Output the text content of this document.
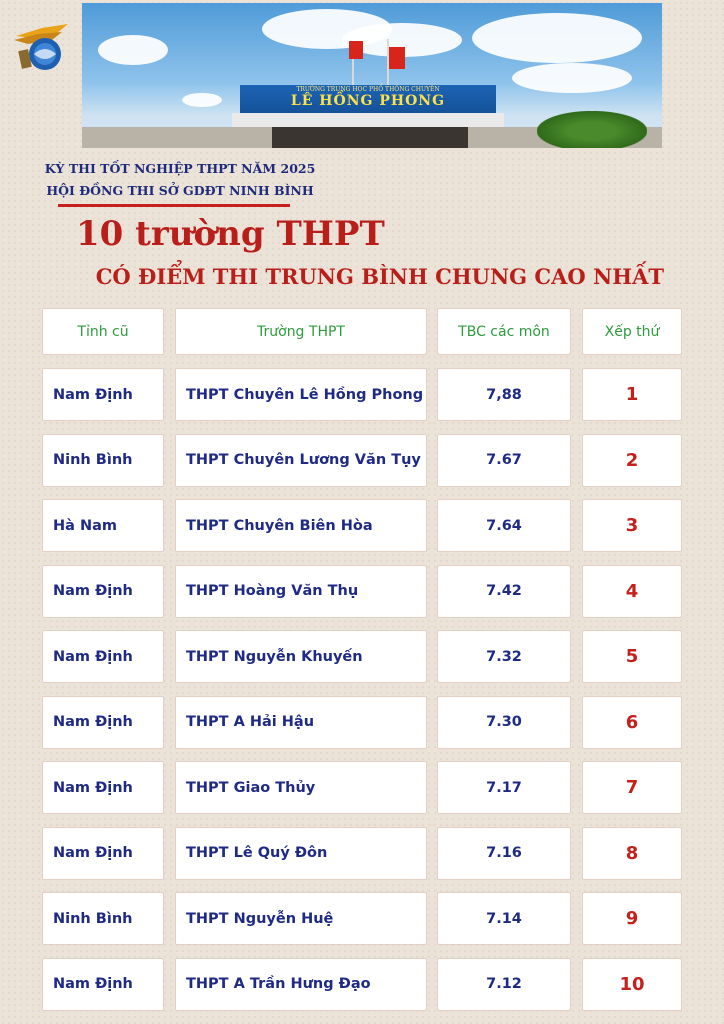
TRƯỜNG TRUNG HỌC PHỔ THÔNG CHUYÊN
LÊ HỒNG PHONG
KỲ THI TỐT NGHIỆP THPT NĂM 2025
HỘI ĐỒNG THI SỞ GDĐT NINH BÌNH
10 trường THPT
CÓ ĐIỂM THI TRUNG BÌNH CHUNG CAO NHẤT
Tỉnh cũ	Trường THPT	TBC các môn	Xếp thứ
Nam Định	THPT Chuyên Lê Hồng Phong	7,88	1
Ninh Bình	THPT Chuyên Lương Văn Tụy	7.67	2
Hà Nam	THPT Chuyên Biên Hòa	7.64	3
Nam Định	THPT Hoàng Văn Thụ	7.42	4
Nam Định	THPT Nguyễn Khuyến	7.32	5
Nam Định	THPT A Hải Hậu	7.30	6
Nam Định	THPT Giao Thủy	7.17	7
Nam Định	THPT Lê Quý Đôn	7.16	8
Ninh Bình	THPT Nguyễn Huệ	7.14	9
Nam Định	THPT A Trần Hưng Đạo	7.12	10
